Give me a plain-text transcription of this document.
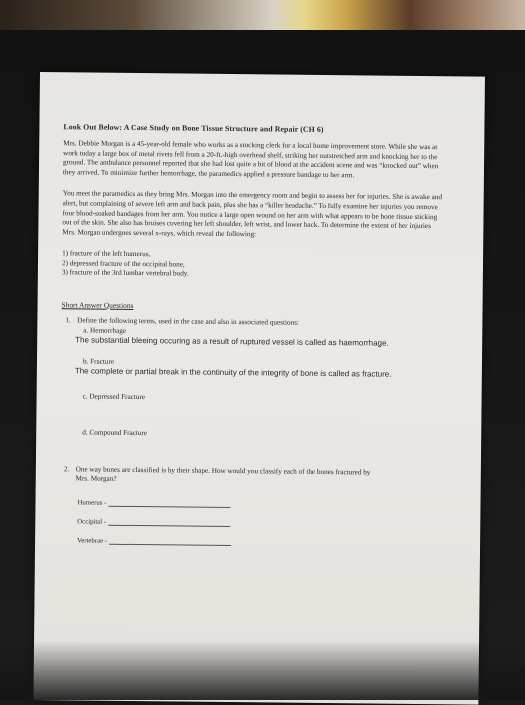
Look Out Below: A Case Study on Bone Tissue Structure and Repair (CH 6)
Mrs. Debbie Morgan is a 45-year-old female who works as a stocking clerk for a local home improvement store. While she was at work today a large box of metal rivets fell from a 20-ft.-high overhead shelf, striking her outstretched arm and knocking her to the ground. The ambulance personnel reported that she had lost quite a bit of blood at the accident scene and was “knocked out” when they arrived. To minimize further hemorrhage, the paramedics applied a pressure bandage to her arm.
You meet the paramedics as they bring Mrs. Morgan into the emergency room and begin to assess her for injuries. She is awake and alert, but complaining of severe left arm and back pain, plus she has a “killer headache.” To fully examine her injuries you remove four blood-soaked bandages from her arm. You notice a large open wound on her arm with what appears to be bone tissue sticking out of the skin. She also has bruises covering her left shoulder, left wrist, and lower back. To determine the extent of her injuries Mrs. Morgan undergoes several x-rays, which reveal the following:
1) fracture of the left humerus,
2) depressed fracture of the occipital bone,
3) fracture of the 3rd lumbar vertebral body.
Short Answer Questions
1. Define the following terms, used in the case and also in associated questions:
a. Hemorrhage
The substantial bleeing occuring as a result of ruptured vessel is called as haemorrhage.
b. Fracture
The complete or partial break in the continuity of the integrity of bone is called as fracture.
c. Depressed Fracture
d. Compound Fracture
2. One way bones are classified is by their shape. How would you classify each of the bones fractured by Mrs. Morgan?
Humerus -
Occipital -
Vertebrae -
